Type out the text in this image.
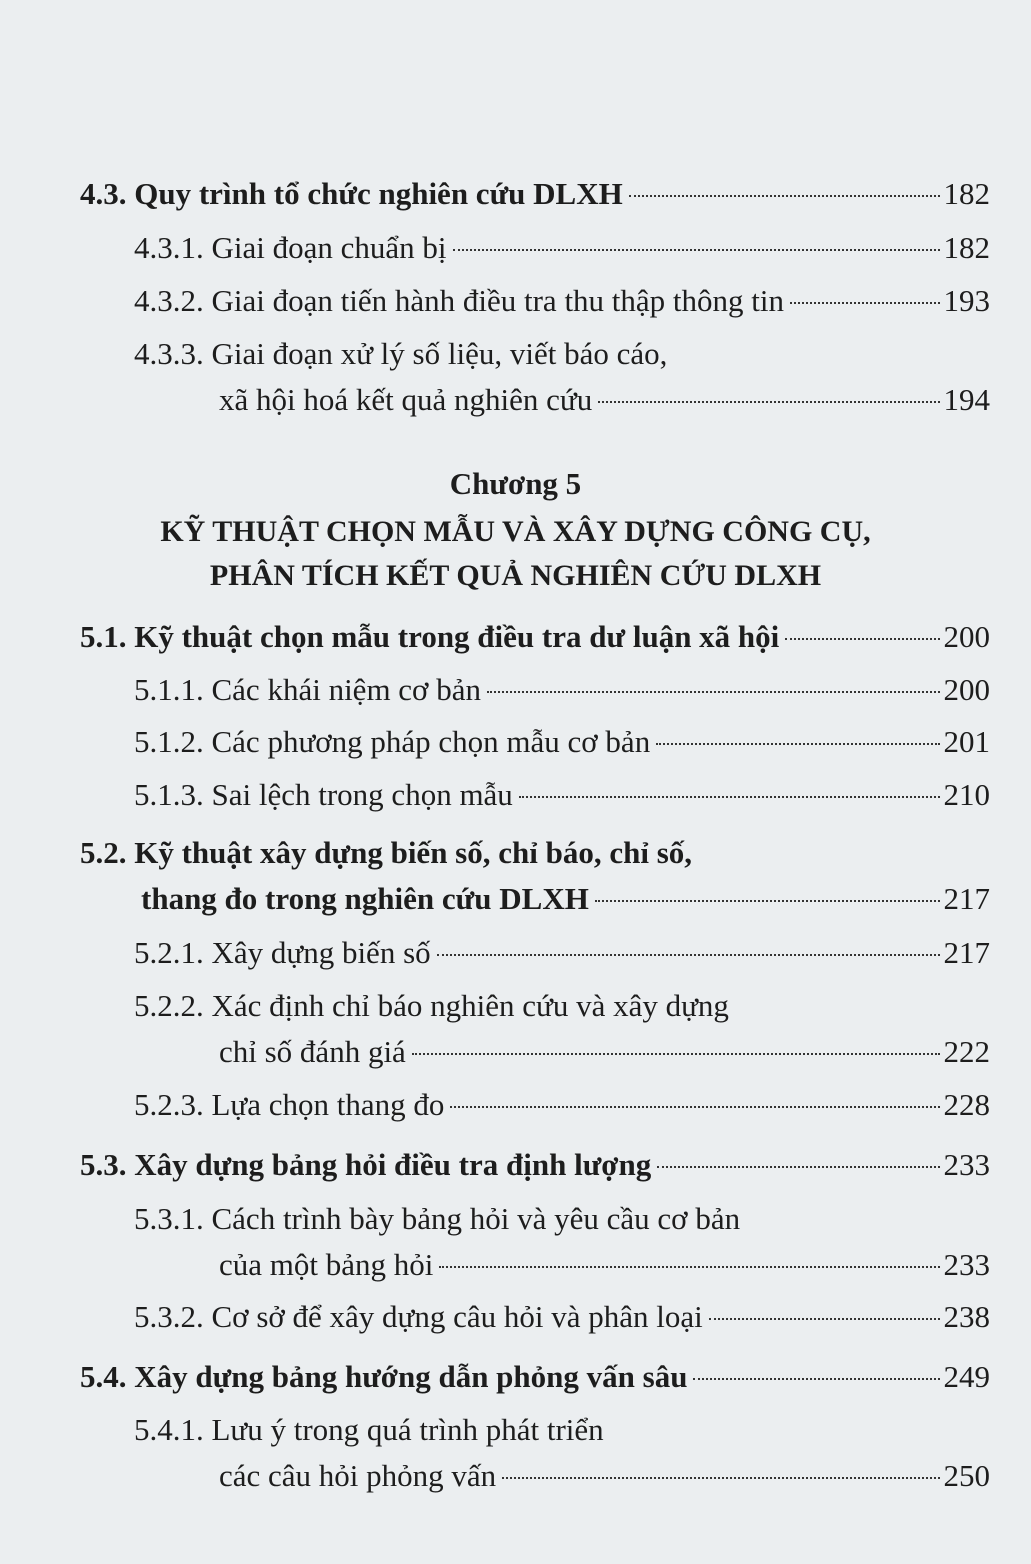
4.3. Quy trình tổ chức nghiên cứu DLXH	182
4.3.1. Giai đoạn chuẩn bị	182
4.3.2. Giai đoạn tiến hành điều tra thu thập thông tin	193
4.3.3. Giai đoạn xử lý số liệu, viết báo cáo,
xã hội hoá kết quả nghiên cứu	194
Chương 5
KỸ THUẬT CHỌN MẪU VÀ XÂY DỰNG CÔNG CỤ,
PHÂN TÍCH KẾT QUẢ NGHIÊN CỨU DLXH
5.1. Kỹ thuật chọn mẫu trong điều tra dư luận xã hội	200
5.1.1. Các khái niệm cơ bản	200
5.1.2. Các phương pháp chọn mẫu cơ bản	201
5.1.3. Sai lệch trong chọn mẫu	210
5.2. Kỹ thuật xây dựng biến số, chỉ báo, chỉ số,
thang đo trong nghiên cứu DLXH	217
5.2.1. Xây dựng biến số	217
5.2.2. Xác định chỉ báo nghiên cứu và xây dựng
chỉ số đánh giá	222
5.2.3. Lựa chọn thang đo	228
5.3. Xây dựng bảng hỏi điều tra định lượng	233
5.3.1. Cách trình bày bảng hỏi và yêu cầu cơ bản
của một bảng hỏi	233
5.3.2. Cơ sở để xây dựng câu hỏi và phân loại	238
5.4. Xây dựng bảng hướng dẫn phỏng vấn sâu	249
5.4.1. Lưu ý trong quá trình phát triển
các câu hỏi phỏng vấn	250
